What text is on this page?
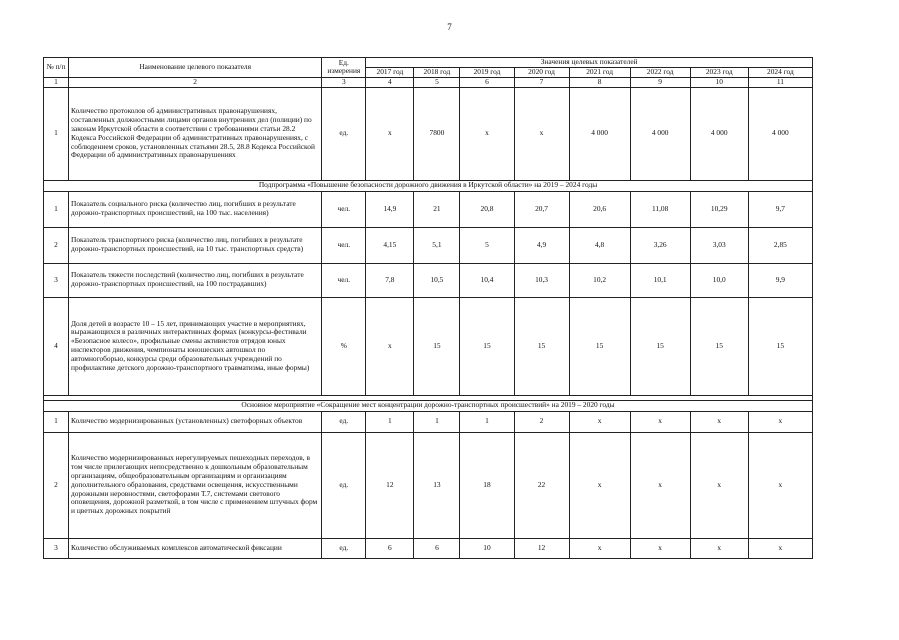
7
№ п/п	Наименование целевого показателя	Ед. измерения	Значения целевых показателей							
			2017 год	2018 год	2019 год	2020 год	2021 год	2022 год	2023 год	2024 год
1	2	3	4	5	6	7	8	9	10	11
1	Количество протоколов об административных правонарушениях, составленных должностными лицами органов внутренних дел (полиции) по законам Иркутской области в соответствии с требованиями статьи 28.2 Кодекса Российской Федерации об административных правонарушениях, с соблюдением сроков, установленных статьями 28.5, 28.8 Кодекса Российской Федерации об административных правонарушениях	ед.	х	7800	х	х	4 000	4 000	4 000	4 000
Подпрограмма «Повышение безопасности дорожного движения в Иркутской области» на 2019 – 2024 годы										
1	Показатель социального риска (количество лиц, погибших в результате дорожно-транспортных происшествий, на 100 тыс. населения)	чел.	14,9	21	20,8	20,7	20,6	11,08	10,29	9,7
2	Показатель транспортного риска (количество лиц, погибших в результате дорожно-транспортных происшествий, на 10 тыс. транспортных средств)	чел.	4,15	5,1	5	4,9	4,8	3,26	3,03	2,85
3	Показатель тяжести последствий (количество лиц, погибших в результате дорожно-транспортных происшествий, на 100 пострадавших)	чел.	7,8	10,5	10,4	10,3	10,2	10,1	10,0	9,9
4	Доля детей в возрасте 10 – 15 лет, принимающих участие в мероприятиях, выражающихся в различных интерактивных формах (конкурсы-фестивали «Безопасное колесо», профильные смены активистов отрядов юных инспекторов движения, чемпионаты юношеских автошкол по автомногоборью, конкурсы среди образовательных учреждений по профилактике детского дорожно-транспортного травматизма, иные формы)	%	х	15	15	15	15	15	15	15

Основное мероприятие «Сокращение мест концентрации дорожно-транспортных происшествий» на 2019 – 2020 годы										
1	Количество модернизированных (установленных) светофорных объектов	ед.	1	1	1	2	х	х	х	х
2	Количество модернизированных нерегулируемых пешеходных переходов, в том числе прилегающих непосредственно к дошкольным образовательным организациям, общеобразовательным организациям и организациям дополнительного образования, средствами освещения, искусственными дорожными неровностями, светофорами Т.7, системами светового оповещения, дорожной разметкой, в том числе с применением штучных форм и цветных дорожных покрытий	ед.	12	13	18	22	х	х	х	х
3	Количество обслуживаемых комплексов автоматической фиксации	ед.	6	6	10	12	х	х	х	х
